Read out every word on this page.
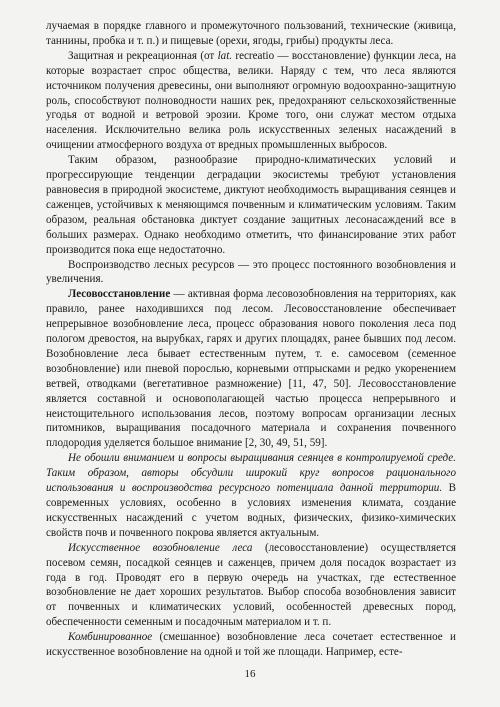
лучаемая в порядке главного и промежуточного пользований, технические (живица, таннины, пробка и т. п.) и пищевые (орехи, ягоды, грибы) продукты леса.

Защитная и рекреационная (от lat. recreatio — восстановление) функции леса, на которые возрастает спрос общества, велики. Наряду с тем, что леса являются источником получения древесины, они выполняют огромную водоохранно-защитную роль, способствуют полноводности наших рек, предохраняют сельскохозяйственные угодья от водной и ветровой эрозии. Кроме того, они служат местом отдыха населения. Исключительно велика роль искусственных зеленых насаждений в очищении атмосферного воздуха от вредных промышленных выбросов.

Таким образом, разнообразие природно-климатических условий и прогрессирующие тенденции деградации экосистемы требуют установления равновесия в природной экосистеме, диктуют необходимость выращивания сеянцев и саженцев, устойчивых к меняющимся почвенным и климатическим условиям. Таким образом, реальная обстановка диктует создание защитных лесонасаждений все в больших размерах. Однако необходимо отметить, что финансирование этих работ производится пока еще недостаточно.

Воспроизводство лесных ресурсов — это процесс постоянного возобновления и увеличения.

Лесовосстановление — активная форма лесовозобновления на территориях, как правило, ранее находившихся под лесом. Лесовосстановление обеспечивает непрерывное возобновление леса, процесс образования нового поколения леса под пологом древостоя, на вырубках, гарях и других площадях, ранее бывших под лесом. Возобновление леса бывает естественным путем, т. е. самосевом (семенное возобновление) или пневой порослью, корневыми отпрысками и редко укоренением ветвей, отводками (вегетативное размножение) [11, 47, 50]. Лесовосстановление является составной и основополагающей частью процесса непрерывного и неистощительного использования лесов, поэтому вопросам организации лесных питомников, выращивания посадочного материала и сохранения почвенного плодородия уделяется большое внимание [2, 30, 49, 51, 59].

Не обошли вниманием и вопросы выращивания сеянцев в контролируемой среде. Таким образом, авторы обсудили широкий круг вопросов рационального использования и воспроизводства ресурсного потенциала данной территории. В современных условиях, особенно в условиях изменения климата, создание искусственных насаждений с учетом водных, физических, физико-химических свойств почв и почвенного покрова является актуальным.

Искусственное возобновление леса (лесовосстановление) осуществляется посевом семян, посадкой сеянцев и саженцев, причем доля посадок возрастает из года в год. Проводят его в первую очередь на участках, где естественное возобновление не дает хороших результатов. Выбор способа возобновления зависит от почвенных и климатических условий, особенностей древесных пород, обеспеченности семенным и посадочным материалом и т. п.

Комбинированное (смешанное) возобновление леса сочетает естественное и искусственное возобновление на одной и той же площади. Например, есте-

16
